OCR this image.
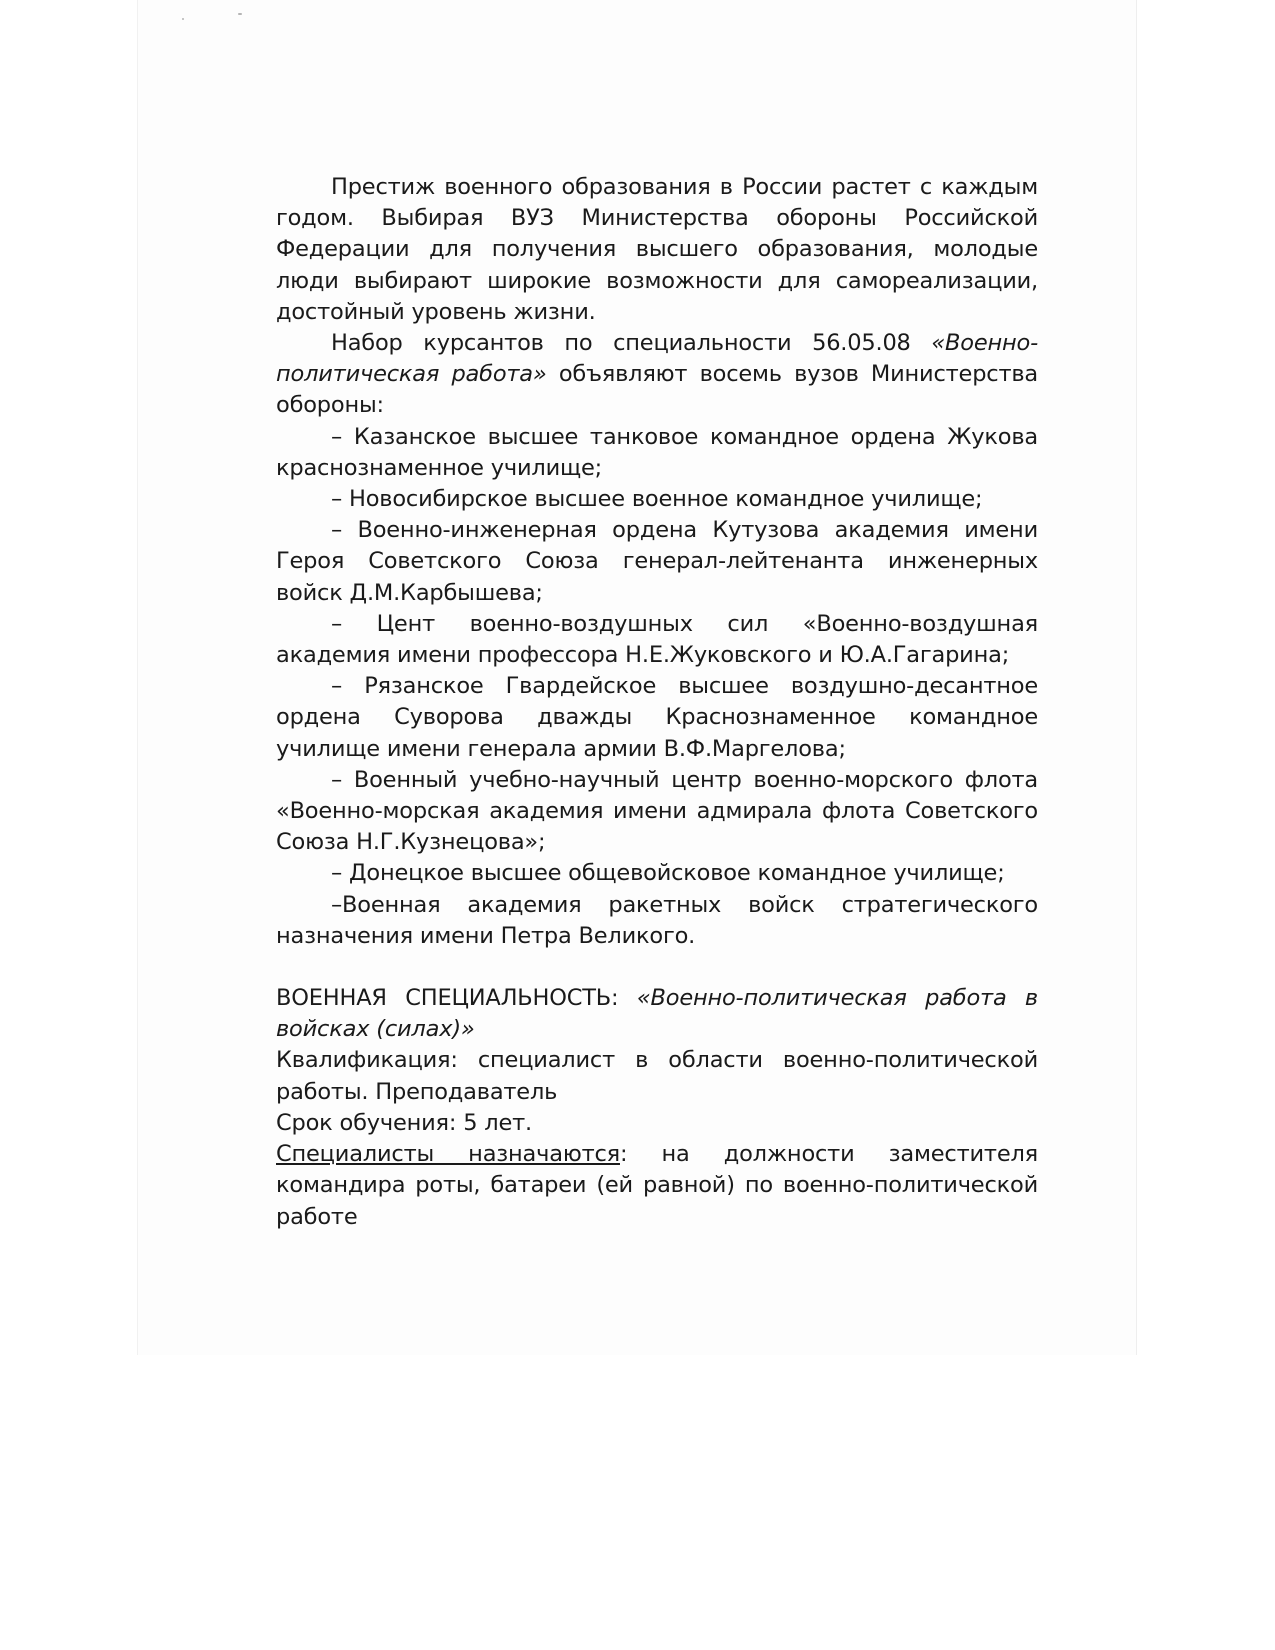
Престиж военного образования в России растет с каждым годом. Выбирая ВУЗ Министерства обороны Российской Федерации для получения высшего образования, молодые люди выбирают широкие возможности для самореализации, достойный уровень жизни.

Набор курсантов по специальности 56.05.08 «Военно-политическая работа» объявляют восемь вузов Министерства обороны:

– Казанское высшее танковое командное ордена Жукова краснознаменное училище;

– Новосибирское высшее военное командное училище;

– Военно-инженерная ордена Кутузова академия имени Героя Советского Союза генерал-лейтенанта инженерных войск Д.М.Карбышева;

– Цент военно-воздушных сил «Военно-воздушная академия имени профессора Н.Е.Жуковского и Ю.А.Гагарина;

– Рязанское Гвардейское высшее воздушно-десантное ордена Суворова дважды Краснознаменное командное училище имени генерала армии В.Ф.Маргелова;

– Военный учебно-научный центр военно-морского флота «Военно-морская академия имени адмирала флота Советского Союза Н.Г.Кузнецова»;

– Донецкое высшее общевойсковое командное училище;

–Военная академия ракетных войск стратегического назначения имени Петра Великого.

ВОЕННАЯ СПЕЦИАЛЬНОСТЬ: «Военно-политическая работа в войсках (силах)»

Квалификация: специалист в области военно-политической работы. Преподаватель

Срок обучения: 5 лет.

Специалисты назначаются: на должности заместителя командира роты, батареи (ей равной) по военно-политической работе
